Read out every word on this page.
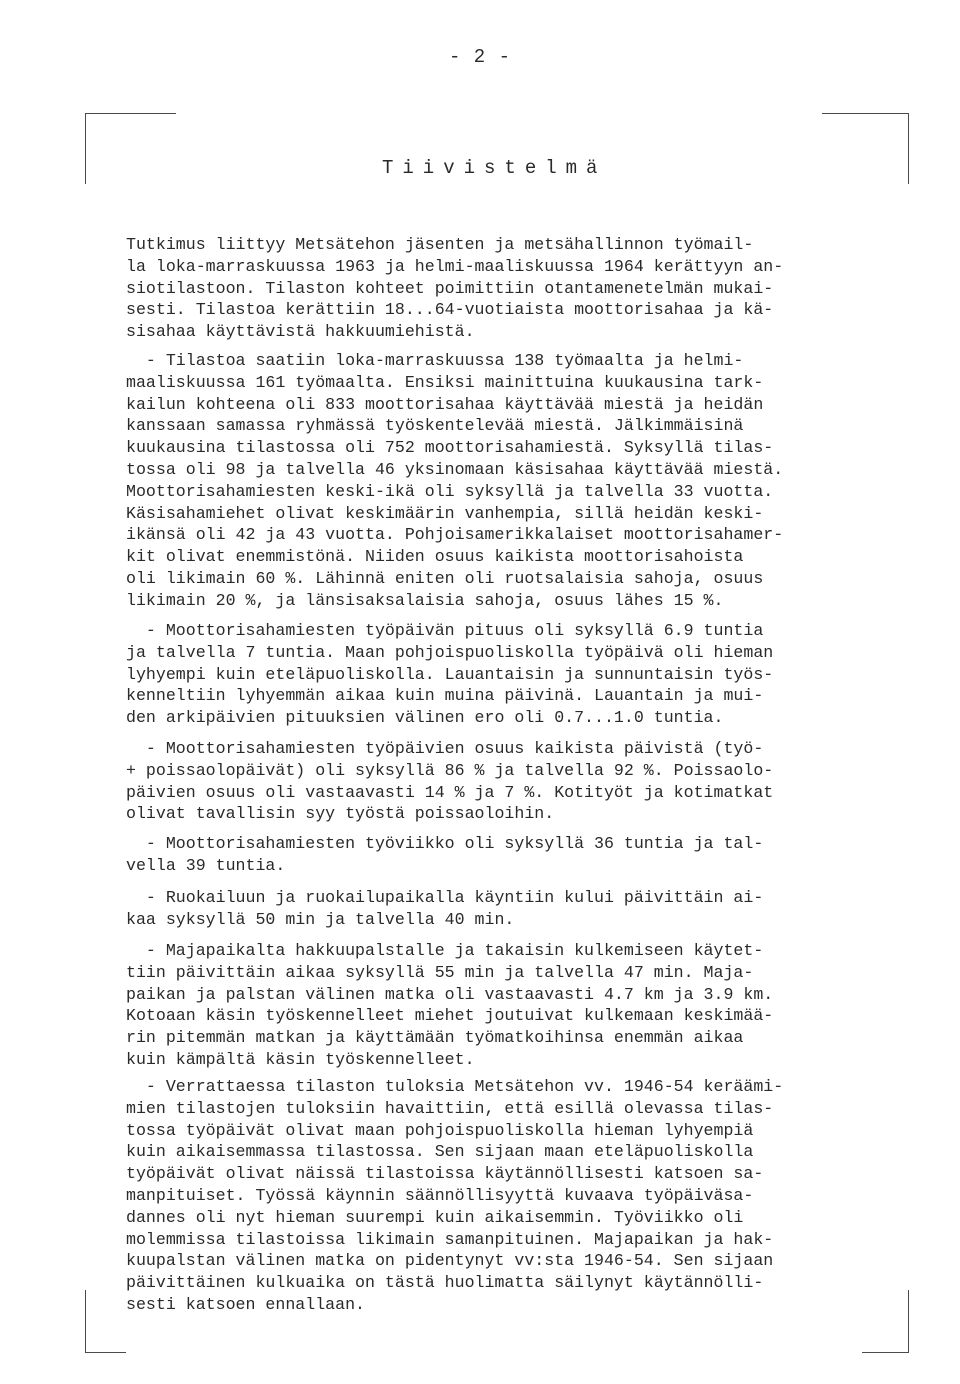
- 2 -
Tiivistelmä
Tutkimus liittyy Metsätehon jäsenten ja metsähallinnon työmail-
la loka-marraskuussa 1963 ja helmi-maaliskuussa 1964 kerättyyn an-
siotilastoon. Tilaston kohteet poimittiin otantamenetelmän mukai-
sesti. Tilastoa kerättiin 18...64-vuotiaista moottorisahaa ja kä-
sisahaa käyttävistä hakkuumiehistä.
- Tilastoa saatiin loka-marraskuussa 138 työmaalta ja helmi-
maaliskuussa 161 työmaalta. Ensiksi mainittuina kuukausina tark-
kailun kohteena oli 833 moottorisahaa käyttävää miestä ja heidän
kanssaan samassa ryhmässä työskentelevää miestä. Jälkimmäisinä
kuukausina tilastossa oli 752 moottorisahamiestä. Syksyllä tilas-
tossa oli 98 ja talvella 46 yksinomaan käsisahaa käyttävää miestä.
Moottorisahamiesten keski-ikä oli syksyllä ja talvella 33 vuotta.
Käsisahamiehet olivat keskimäärin vanhempia, sillä heidän keski-
ikänsä oli 42 ja 43 vuotta. Pohjoisamerikkalaiset moottorisahamer-
kit olivat enemmistönä. Niiden osuus kaikista moottorisahoista
oli likimain 60 %. Lähinnä eniten oli ruotsalaisia sahoja, osuus
likimain 20 %, ja länsisaksalaisia sahoja, osuus lähes 15 %.
- Moottorisahamiesten työpäivän pituus oli syksyllä 6.9 tuntia
ja talvella 7 tuntia. Maan pohjoispuoliskolla työpäivä oli hieman
lyhyempi kuin eteläpuoliskolla. Lauantaisin ja sunnuntaisin työs-
kenneltiin lyhyemmän aikaa kuin muina päivinä. Lauantain ja mui-
den arkipäivien pituuksien välinen ero oli 0.7...1.0 tuntia.
- Moottorisahamiesten työpäivien osuus kaikista päivistä (työ-
+ poissaolopäivät) oli syksyllä 86 % ja talvella 92 %. Poissaolo-
päivien osuus oli vastaavasti 14 % ja 7 %. Kotityöt ja kotimatkat
olivat tavallisin syy työstä poissaoloihin.
- Moottorisahamiesten työviikko oli syksyllä 36 tuntia ja tal-
vella 39 tuntia.
- Ruokailuun ja ruokailupaikalla käyntiin kului päivittäin ai-
kaa syksyllä 50 min ja talvella 40 min.
- Majapaikalta hakkuupalstalle ja takaisin kulkemiseen käytet-
tiin päivittäin aikaa syksyllä 55 min ja talvella 47 min. Maja-
paikan ja palstan välinen matka oli vastaavasti 4.7 km ja 3.9 km.
Kotoaan käsin työskennelleet miehet joutuivat kulkemaan keskimää-
rin pitemmän matkan ja käyttämään työmatkoihinsa enemmän aikaa
kuin kämpältä käsin työskennelleet.
- Verrattaessa tilaston tuloksia Metsätehon vv. 1946-54 keräämi-
mien tilastojen tuloksiin havaittiin, että esillä olevassa tilas-
tossa työpäivät olivat maan pohjoispuoliskolla hieman lyhyempiä
kuin aikaisemmassa tilastossa. Sen sijaan maan eteläpuoliskolla
työpäivät olivat näissä tilastoissa käytännöllisesti katsoen sa-
manpituiset. Työssä käynnin säännöllisyyttä kuvaava työpäiväsa-
dannes oli nyt hieman suurempi kuin aikaisemmin. Työviikko oli
molemmissa tilastoissa likimain samanpituinen. Majapaikan ja hak-
kuupalstan välinen matka on pidentynyt vv:sta 1946-54. Sen sijaan
päivittäinen kulkuaika on tästä huolimatta säilynyt käytännölli-
sesti katsoen ennallaan.
